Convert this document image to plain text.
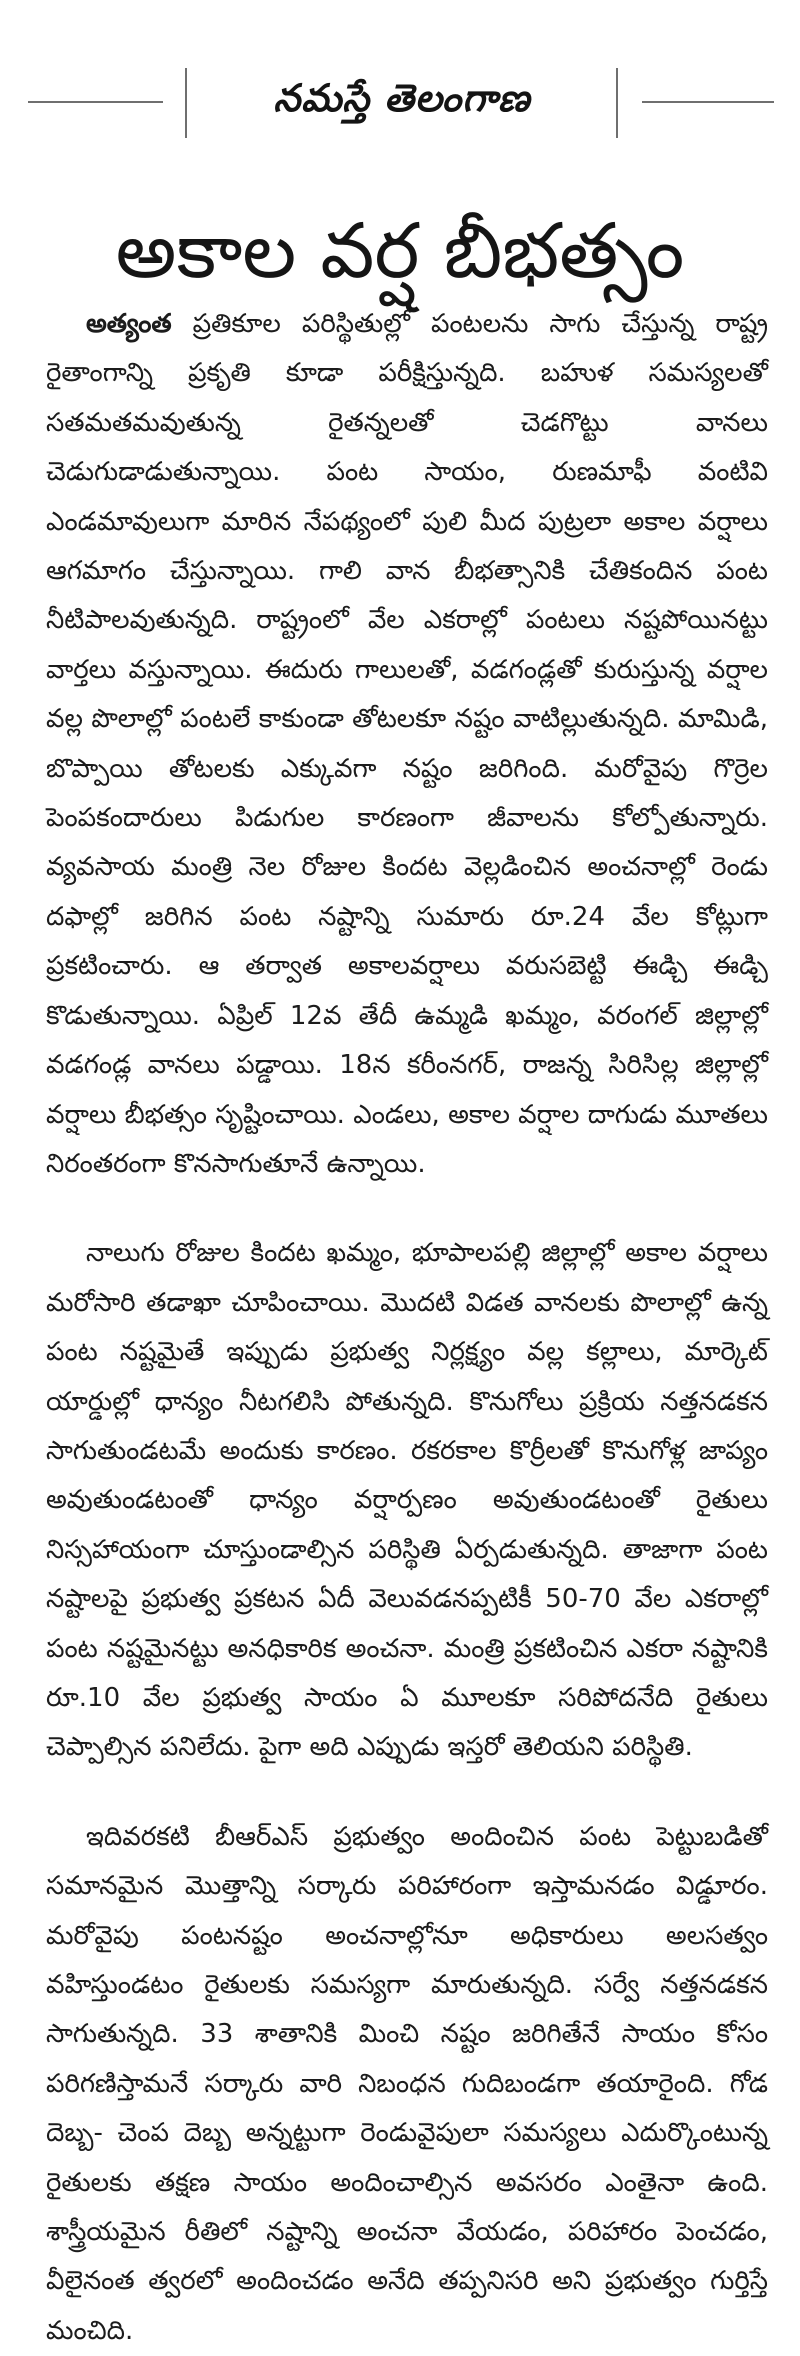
నమస్తే తెలంగాణ
అకాల వర్ష బీభత్సం

అత్యంత ప్రతికూల పరిస్థితుల్లో పంటలను సాగు చేస్తున్న రాష్ట్ర రైతాంగాన్ని ప్రకృతి కూడా పరీక్షిస్తున్నది. బహుళ సమస్యలతో సతమతమవుతున్న రైతన్నలతో చెడగొట్టు వానలు చెడుగుడాడుతున్నాయి. పంట సాయం, రుణమాఫీ వంటివి ఎండమావులుగా మారిన నేపథ్యంలో పులి మీద పుట్రలా అకాల వర్షాలు ఆగమాగం చేస్తున్నాయి. గాలి వాన బీభత్సానికి చేతికందిన పంట నీటిపాలవుతున్నది. రాష్ట్రంలో వేల ఎకరాల్లో పంటలు నష్టపోయినట్టు వార్తలు వస్తున్నాయి. ఈదురు గాలులతో, వడగండ్లతో కురుస్తున్న వర్షాల వల్ల పొలాల్లో పంటలే కాకుండా తోటలకూ నష్టం వాటిల్లుతున్నది. మామిడి, బొప్పాయి తోటలకు ఎక్కువగా నష్టం జరిగింది. మరోవైపు గొర్రెల పెంపకందారులు పిడుగుల కారణంగా జీవాలను కోల్పోతున్నారు. వ్యవసాయ మంత్రి నెల రోజుల కిందట వెల్లడించిన అంచనాల్లో రెండు దఫాల్లో జరిగిన పంట నష్టాన్ని సుమారు రూ.24 వేల కోట్లుగా ప్రకటించారు. ఆ తర్వాత అకాలవర్షాలు వరుసబెట్టి ఈడ్చి ఈడ్చి కొడుతున్నాయి. ఏప్రిల్ 12వ తేదీ ఉమ్మడి ఖమ్మం, వరంగల్ జిల్లాల్లో వడగండ్ల వానలు పడ్డాయి. 18న కరీంనగర్, రాజన్న సిరిసిల్ల జిల్లాల్లో వర్షాలు బీభత్సం సృష్టించాయి. ఎండలు, అకాల వర్షాల దాగుడు మూతలు నిరంతరంగా కొనసాగుతూనే ఉన్నాయి.

నాలుగు రోజుల కిందట ఖమ్మం, భూపాలపల్లి జిల్లాల్లో అకాల వర్షాలు మరోసారి తడాఖా చూపించాయి. మొదటి విడత వానలకు పొలాల్లో ఉన్న పంట నష్టమైతే ఇప్పుడు ప్రభుత్వ నిర్లక్ష్యం వల్ల కల్లాలు, మార్కెట్ యార్డుల్లో ధాన్యం నీటగలిసి పోతున్నది. కొనుగోలు ప్రక్రియ నత్తనడకన సాగుతుండటమే అందుకు కారణం. రకరకాల కొర్రీలతో కొనుగోళ్ల జాప్యం అవుతుండటంతో ధాన్యం వర్షార్పణం అవుతుండటంతో రైతులు నిస్సహాయంగా చూస్తుండాల్సిన పరిస్థితి ఏర్పడుతున్నది. తాజాగా పంట నష్టాలపై ప్రభుత్వ ప్రకటన ఏదీ వెలువడనప్పటికీ 50-70 వేల ఎకరాల్లో పంట నష్టమైనట్టు అనధికారిక అంచనా. మంత్రి ప్రకటించిన ఎకరా నష్టానికి రూ.10 వేల ప్రభుత్వ సాయం ఏ మూలకూ సరిపోదనేది రైతులు చెప్పాల్సిన పనిలేదు. పైగా అది ఎప్పుడు ఇస్తరో తెలియని పరిస్థితి.

ఇదివరకటి బీఆర్ఎస్ ప్రభుత్వం అందించిన పంట పెట్టుబడితో సమానమైన మొత్తాన్ని సర్కారు పరిహారంగా ఇస్తామనడం విడ్డూరం. మరోవైపు పంటనష్టం అంచనాల్లోనూ అధికారులు అలసత్వం వహిస్తుండటం రైతులకు సమస్యగా మారుతున్నది. సర్వే నత్తనడకన సాగుతున్నది. 33 శాతానికి మించి నష్టం జరిగితేనే సాయం కోసం పరిగణిస్తామనే సర్కారు వారి నిబంధన గుదిబండగా తయారైంది. గోడ దెబ్బ- చెంప దెబ్బ అన్నట్టుగా రెండువైపులా సమస్యలు ఎదుర్కొంటున్న రైతులకు తక్షణ సాయం అందించాల్సిన అవసరం ఎంతైనా ఉంది. శాస్త్రీయమైన రీతిలో నష్టాన్ని అంచనా వేయడం, పరిహారం పెంచడం, వీలైనంత త్వరలో అందించడం అనేది తప్పనిసరి అని ప్రభుత్వం గుర్తిస్తే మంచిది.
